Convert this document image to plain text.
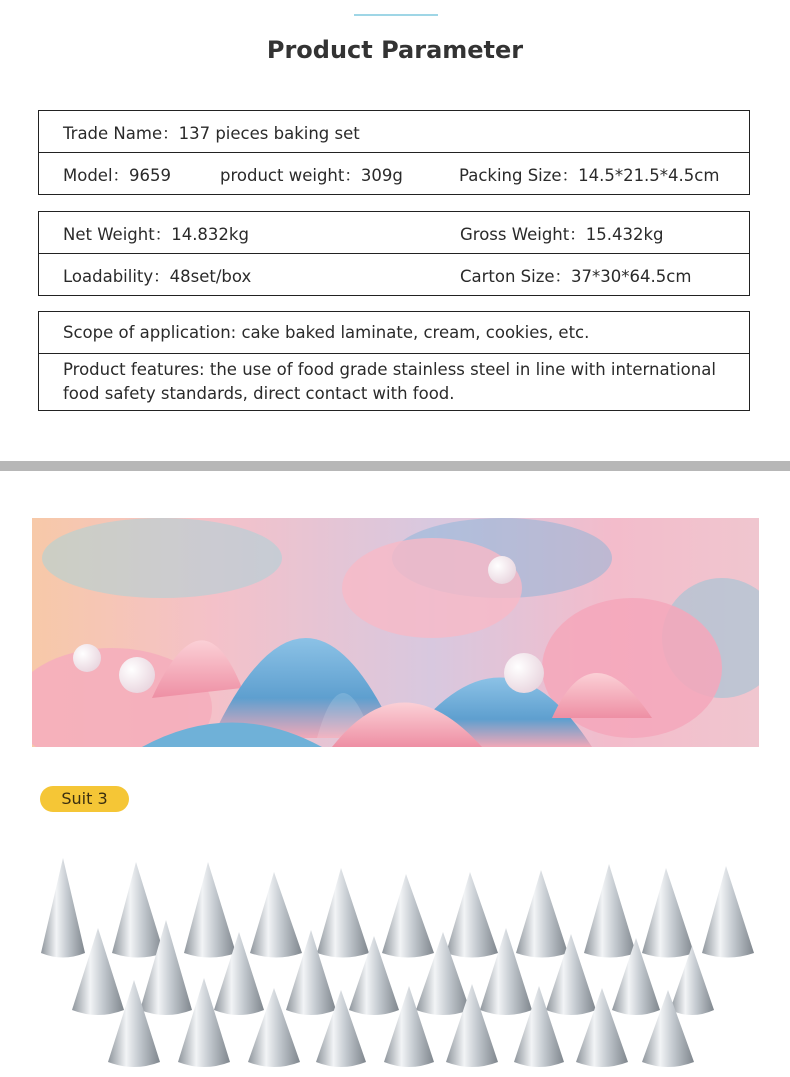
Product Parameter
Trade Name：137 pieces baking set

Model：9659	product weight：309g	Packing Size：14.5*21.5*4.5cm
Net Weight：14.832kg	Gross Weight：15.432kg

Loadability：48set/box	Carton Size：37*30*64.5cm
Scope of application: cake baked laminate, cream, cookies, etc.
Product features: the use of food grade stainless steel in line with international food safety standards, direct contact with food.
Suit 3
